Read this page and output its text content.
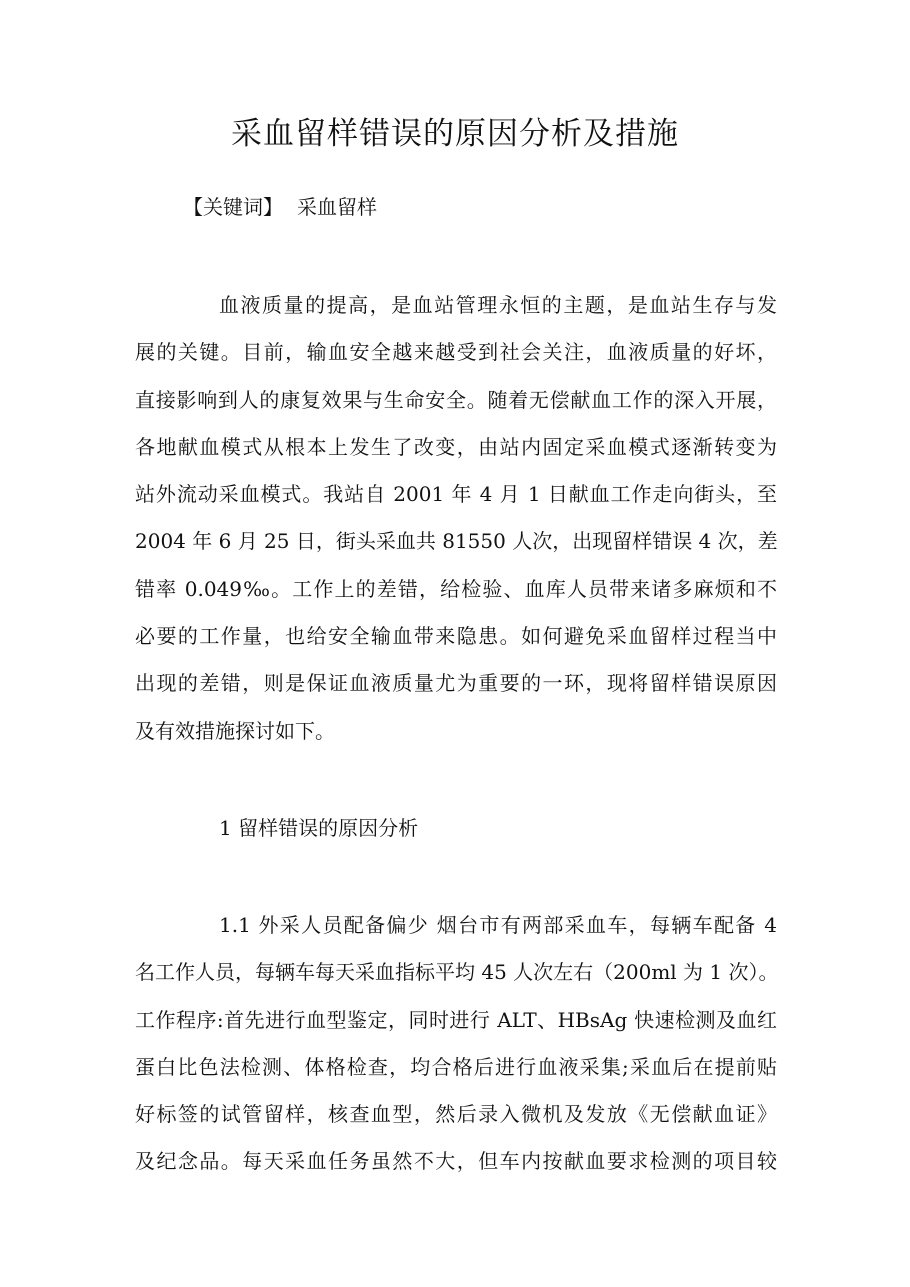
采血留样错误的原因分析及措施
【关键词】 采血留样
血液质量的提高，是血站管理永恒的主题，是血站生存与发
展的关键。目前，输血安全越来越受到社会关注，血液质量的好坏，
直接影响到人的康复效果与生命安全。随着无偿献血工作的深入开展，
各地献血模式从根本上发生了改变，由站内固定采血模式逐渐转变为
站外流动采血模式。我站自 2001 年 4 月 1 日献血工作走向街头，至
2004 年 6 月 25 日，街头采血共 81550 人次，出现留样错误 4 次，差
错率 0.049‰。工作上的差错，给检验、血库人员带来诸多麻烦和不
必要的工作量，也给安全输血带来隐患。如何避免采血留样过程当中
出现的差错，则是保证血液质量尤为重要的一环，现将留样错误原因
及有效措施探讨如下。
1 留样错误的原因分析
1.1 外采人员配备偏少 烟台市有两部采血车，每辆车配备 4
名工作人员，每辆车每天采血指标平均 45 人次左右（200ml 为 1 次）。
工作程序:首先进行血型鉴定，同时进行 ALT、HBsAg 快速检测及血红
蛋白比色法检测、体格检查，均合格后进行血液采集;采血后在提前贴
好标签的试管留样，核查血型，然后录入微机及发放《无偿献血证》
及纪念品。每天采血任务虽然不大，但车内按献血要求检测的项目较
